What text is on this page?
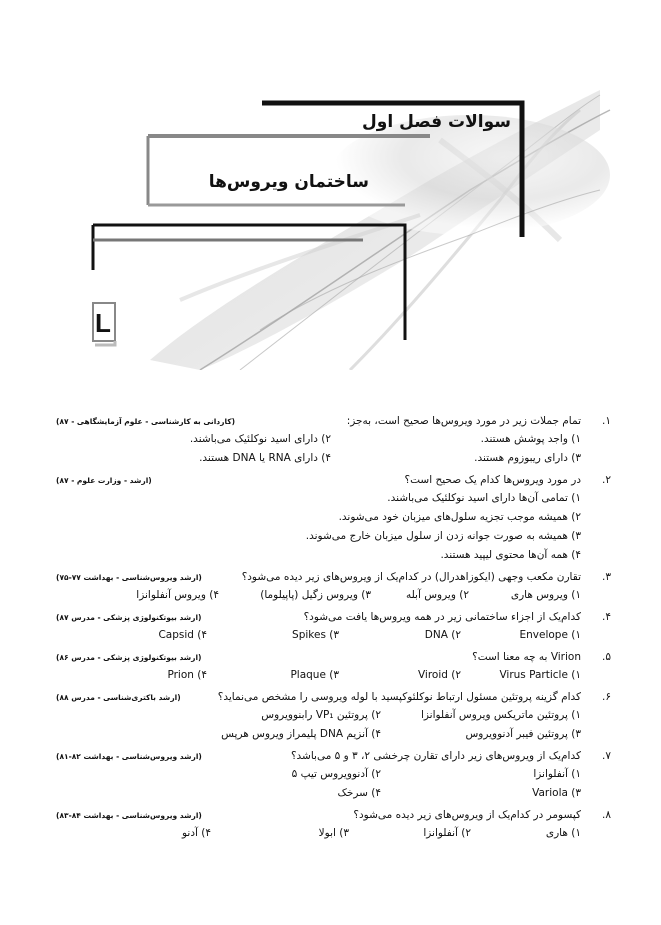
سوالات فصل اول
ساختمان ویروس‌ها
L
۱.
تمام جملات زیر در مورد ویروس‌ها صحیح است، به‌جز:
(کاردانی به کارشناسی - علوم آزمایشگاهی - ۸۷)
۱) واجد پوشش هستند.
۲) دارای اسید نوکلئیک می‌باشند.
۳) دارای ریبوزوم هستند.
۴) دارای RNA یا DNA هستند.
۲.
در مورد ویروس‌ها کدام یک صحیح است؟
(ارشد - وزارت علوم - ۸۷)
۱) تمامی آن‌ها دارای اسید نوکلئیک می‌باشند.
۲) همیشه موجب تجزیه سلول‌های میزبان خود می‌شوند.
۳) همیشه به صورت جوانه زدن از سلول میزبان خارج می‌شوند.
۴) همه آن‌ها محتوی لیپید هستند.
۳.
تقارن مکعب وجهی (ایکوزاهدرال) در کدام‌یک از ویروس‌های زیر دیده می‌شود؟
(ارشد ویروس‌شناسی - بهداشت ۷۷-۷۵)
۱) ویروس هاری
۲) ویروس آبله
۳) ویروس زگیل (پاپیلوما)
۴) ویروس آنفلوانزا
۴.
کدام‌یک از اجزاء ساختمانی زیر در همه ویروس‌ها یافت می‌شود؟
(ارشد بیوتکنولوژی پزشکی - مدرس ۸۷)
۱) Envelope
۲) DNA
۳) Spikes
۴) Capsid
۵.
Virion به چه معنا است؟
(ارشد بیوتکنولوژی پزشکی - مدرس ۸۶)
۱) Virus Particle
۲) Viroid
۳) Plaque
۴) Prion
۶.
کدام گزینه پروتئین مسئول ارتباط نوکلئوکپسید با لوله ویروسی را مشخص می‌نماید؟
(ارشد باکتری‌شناسی - مدرس ۸۸)
۱) پروتئین ماتریکس ویروس آنفلوانزا
۲) پروتئین VP₁ رابنوویروس
۳) پروتئین فیبر آدنوویروس
۴) آنزیم DNA پلیمراز ویروس هرپس
۷.
کدام‌یک از ویروس‌های زیر دارای تقارن چرخشی ۲، ۳ و ۵ می‌باشد؟
(ارشد ویروس‌شناسی - بهداشت ۸۲-۸۱)
۱) آنفلوانزا
۲) آدنوویروس تیپ ۵
۳) Variola
۴) سرخک
۸.
کپسومر در کدام‌یک از ویروس‌های زیر دیده می‌شود؟
(ارشد ویروس‌شناسی - بهداشت ۸۴-۸۳)
۱) هاری
۲) آنفلوانزا
۳) ابولا
۴) آدنو
